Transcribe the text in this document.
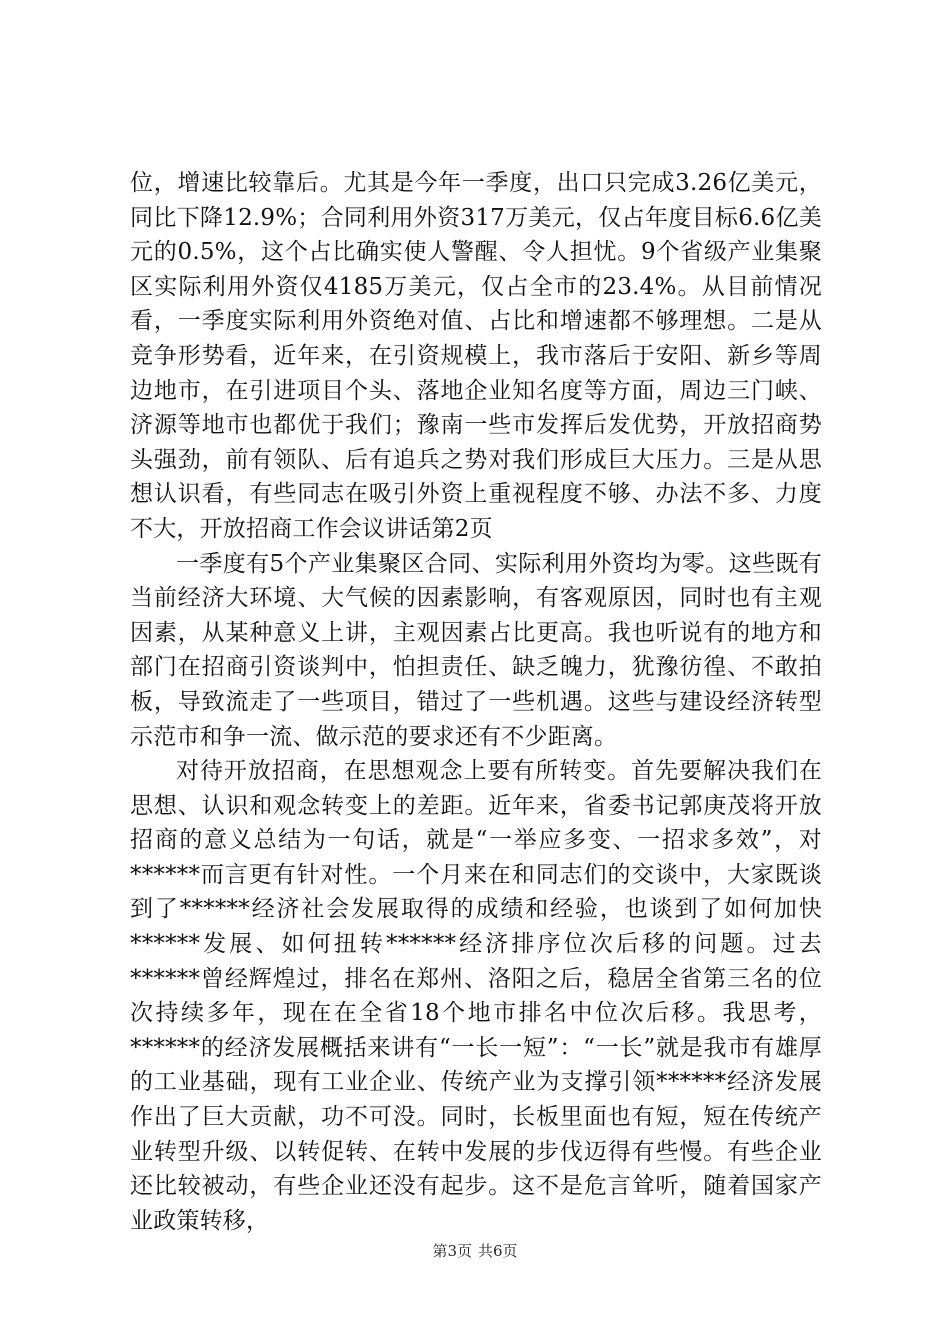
位，增速比较靠后。尤其是今年一季度，出口只完成3.26亿美元，同比下降12.9%；合同利用外资317万美元，仅占年度目标6.6亿美元的0.5%，这个占比确实使人警醒、令人担忧。9个省级产业集聚区实际利用外资仅4185万美元，仅占全市的23.4%。从目前情况看，一季度实际利用外资绝对值、占比和增速都不够理想。二是从竞争形势看，近年来，在引资规模上，我市落后于安阳、新乡等周边地市，在引进项目个头、落地企业知名度等方面，周边三门峡、济源等地市也都优于我们；豫南一些市发挥后发优势，开放招商势头强劲，前有领队、后有追兵之势对我们形成巨大压力。三是从思想认识看，有些同志在吸引外资上重视程度不够、办法不多、力度不大，开放招商工作会议讲话第2页

一季度有5个产业集聚区合同、实际利用外资均为零。这些既有当前经济大环境、大气候的因素影响，有客观原因，同时也有主观因素，从某种意义上讲，主观因素占比更高。我也听说有的地方和部门在招商引资谈判中，怕担责任、缺乏魄力，犹豫彷徨、不敢拍板，导致流走了一些项目，错过了一些机遇。这些与建设经济转型示范市和争一流、做示范的要求还有不少距离。

对待开放招商，在思想观念上要有所转变。首先要解决我们在思想、认识和观念转变上的差距。近年来，省委书记郭庚茂将开放招商的意义总结为一句话，就是“一举应多变、一招求多效”，对******而言更有针对性。一个月来在和同志们的交谈中，大家既谈到了******经济社会发展取得的成绩和经验，也谈到了如何加快******发展、如何扭转******经济排序位次后移的问题。过去******曾经辉煌过，排名在郑州、洛阳之后，稳居全省第三名的位次持续多年，现在在全省18个地市排名中位次后移。我思考，******的经济发展概括来讲有“一长一短”：“一长”就是我市有雄厚的工业基础，现有工业企业、传统产业为支撑引领******经济发展作出了巨大贡献，功不可没。同时，长板里面也有短，短在传统产业转型升级、以转促转、在转中发展的步伐迈得有些慢。有些企业还比较被动，有些企业还没有起步。这不是危言耸听，随着国家产业政策转移，

第3页 共6页
